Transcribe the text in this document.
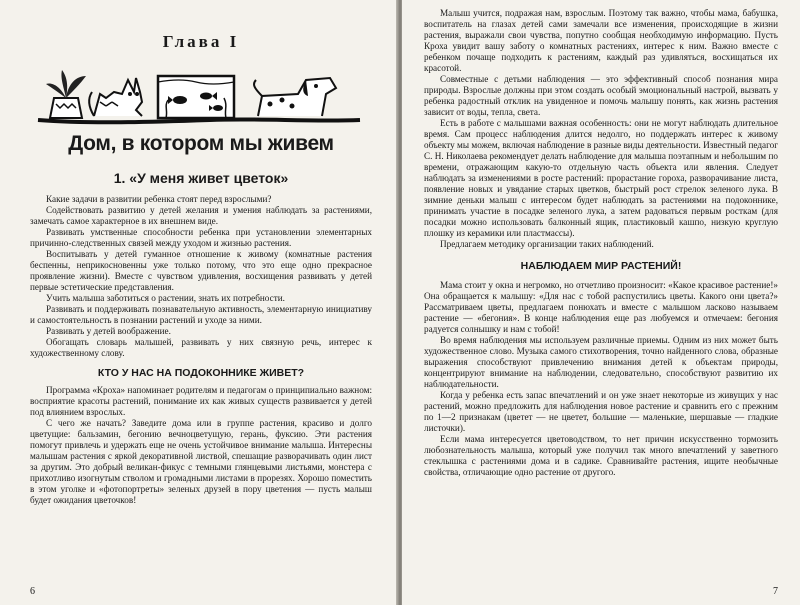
Глава I
Дом, в котором мы живем
1. «У меня живет цветок»

Какие задачи в развитии ребенка стоят перед взрослыми?

Содействовать развитию у детей желания и умения наблюдать за растениями, замечать самое характерное в их внешнем виде.

Развивать умственные способности ребенка при установлении элементарных причинно-следственных связей между уходом и жизнью растения.

Воспитывать у детей гуманное отношение к живому (комнатные растения беспенны, неприкосновенны уже только потому, что это еще одно прекрасное проявление жизни). Вместе с чувством удивления, восхищения развивать у детей первые эстетические представления.

Учить малыша заботиться о растении, знать их потребности.

Развивать и поддерживать познавательную активность, элементарную инициативу и самостоятельность в познании растений и уходе за ними.

Развивать у детей воображение.

Обогащать словарь малышей, развивать у них связную речь, интерес к художественному слову.

КТО У НАС НА ПОДОКОННИКЕ ЖИВЕТ?

Программа «Кроха» напоминает родителям и педагогам о принципиально важном: восприятие красоты растений, понимание их как живых существ развивается у детей под влиянием взрослых.

С чего же начать? Заведите дома или в группе растения, красиво и долго цветущие: бальзамин, бегонию вечноцветущую, герань, фуксию. Эти растения помогут привлечь и удержать еще не очень устойчивое внимание малыша. Интересны малышам растения с яркой декоративной листвой, спешащие разворачивать один лист за другим. Это добрый великан-фикус с темными глянцевыми листьями, монстера с прихотливо изогнутым стволом и громадными листами в прорезях. Хорошо поместить в этом уголке и «фотопортреты» зеленых друзей в пору цветения — пусть малыш будет ожидания цветочков!

6

Малыш учится, подражая нам, взрослым. Поэтому так важно, чтобы мама, бабушка, воспитатель на глазах детей сами замечали все изменения, происходящие в жизни растения, выражали свои чувства, попутно сообщая необходимую информацию. Пусть Кроха увидит вашу заботу о комнатных растениях, интерес к ним. Важно вместе с ребенком почаще подходить к растениям, каждый раз удивляться, восхищаться их красотой.

Совместные с детьми наблюдения — это эффективный способ познания мира природы. Взрослые должны при этом создать особый эмоциональный настрой, вызвать у ребенка радостный отклик на увиденное и помочь малышу понять, как жизнь растения зависит от воды, тепла, света.

Есть в работе с малышами важная особенность: они не могут наблюдать длительное время. Сам процесс наблюдения длится недолго, но поддержать интерес к живому объекту мы можем, включая наблюдение в разные виды деятельности. Известный педагог С. Н. Николаева рекомендует делать наблюдение для малыша поэтапным и небольшим по времени, отражающим какую-то отдельную часть объекта или явления. Следует наблюдать за изменениями в росте растений: прорастание гороха, разворачивание листа, появление новых и увядание старых цветков, быстрый рост стрелок зеленого лука. В зимние деньки малыш с интересом будет наблюдать за растениями на подоконнике, принимать участие в посадке зеленого лука, а затем радоваться первым росткам (для посадки можно использовать балконный ящик, пластиковый кашпо, низкую круглую плошку из керамики или пластмассы).

Предлагаем методику организации таких наблюдений.

НАБЛЮДАЕМ МИР РАСТЕНИЙ!

Мама стоит у окна и негромко, но отчетливо произносит: «Какое красивое растение!» Она обращается к малышу: «Для нас с тобой распустились цветы. Какого они цвета?» Рассматриваем цветы, предлагаем понюхать и вместе с малышом ласково называем растение — «бегония». В конце наблюдения еще раз любуемся и отмечаем: бегония радуется солнышку и нам с тобой!

Во время наблюдения мы используем различные приемы. Одним из них может быть художественное слово. Музыка самого стихотворения, точно найденного слова, образные выражения способствуют привлечению внимания детей к объектам природы, концентрируют внимание на наблюдении, следовательно, способствуют развитию их наблюдательности.

Когда у ребенка есть запас впечатлений и он уже знает некоторые из живущих у нас растений, можно предложить для наблюдения новое растение и сравнить его с прежним по 1—2 признакам (цветет — не цветет, большие — маленькие, шершавые — гладкие листочки).

Если мама интересуется цветоводством, то нет причин искусственно тормозить любознательность малыша, который уже получил так много впечатлений у заветного стеклышка с растениями дома и в садике. Сравнивайте растения, ищите необычные свойства, отличающие одно растение от другого.

7
